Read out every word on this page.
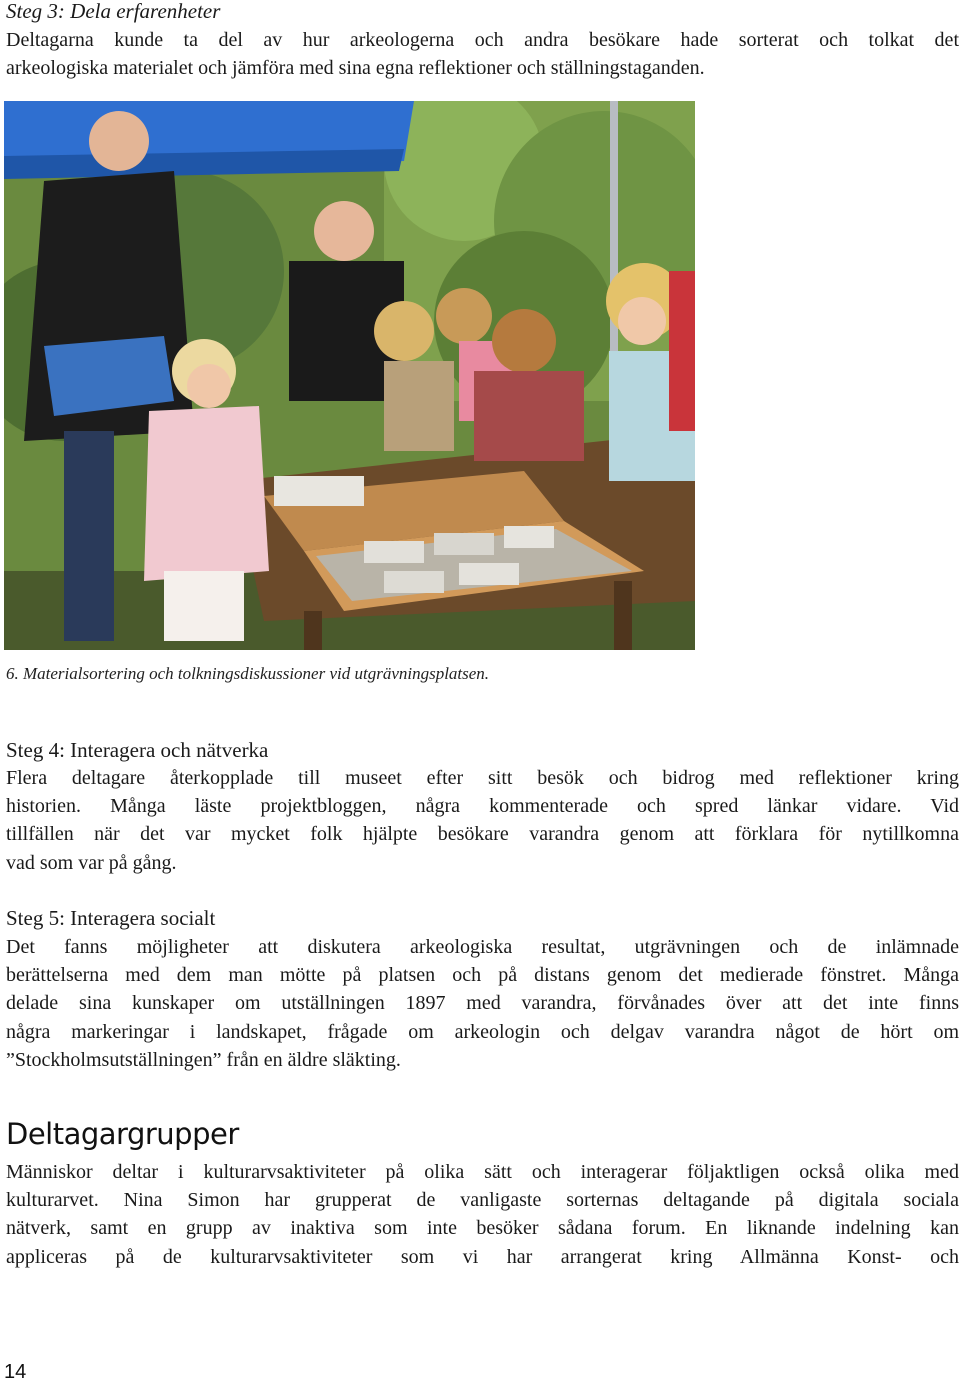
Steg 3: Dela erfarenheter
Deltagarna kunde ta del av hur arkeologerna och andra besökare hade sorterat och tolkat det
arkeologiska materialet och jämföra med sina egna reflektioner och ställningstaganden.
6. Materialsortering och tolkningsdiskussioner vid utgrävningsplatsen.
Steg 4: Interagera och nätverka
Flera deltagare återkopplade till museet efter sitt besök och bidrog med reflektioner kring
historien. Många läste projektbloggen, några kommenterade och spred länkar vidare. Vid
tillfällen när det var mycket folk hjälpte besökare varandra genom att förklara för nytillkomna
vad som var på gång.
Steg 5: Interagera socialt
Det fanns möjligheter att diskutera arkeologiska resultat, utgrävningen och de inlämnade
berättelserna med dem man mötte på platsen och på distans genom det medierade fönstret. Många
delade sina kunskaper om utställningen 1897 med varandra, förvånades över att det inte finns
några markeringar i landskapet, frågade om arkeologin och delgav varandra något de hört om
”Stockholmsutställningen” från en äldre släkting.
Deltagargrupper
Människor deltar i kulturarvsaktiviteter på olika sätt och interagerar följaktligen också olika med
kulturarvet. Nina Simon har grupperat de vanligaste sorternas deltagande på digitala sociala
nätverk, samt en grupp av inaktiva som inte besöker sådana forum. En liknande indelning kan
appliceras på de kulturarvsaktiviteter som vi har arrangerat kring Allmänna Konst- och
14
